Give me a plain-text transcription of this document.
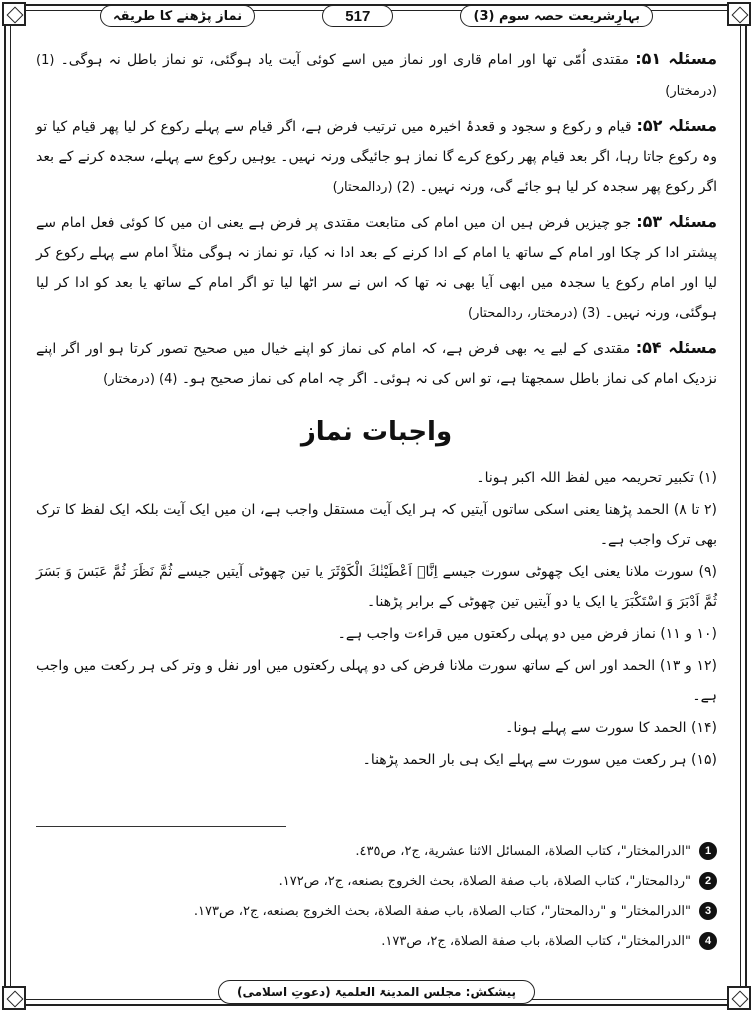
نماز پڑھنے کا طریقہ	517	بہارِشریعت حصہ سوم (3)

مسئلہ ۵۱: مقتدی اُمّی تھا اور امام قاری اور نماز میں اسے کوئی آیت یاد ہوگئی، تو نماز باطل نہ ہوگی۔ (1) (درمختار)

مسئلہ ۵۲: قیام و رکوع و سجود و قعدۂ اخیرہ میں ترتیب فرض ہے، اگر قیام سے پہلے رکوع کر لیا پھر قیام کیا تو وہ رکوع جاتا رہا، اگر بعد قیام پھر رکوع کرے گا نماز ہو جائیگی ورنہ نہیں۔ یوہیں رکوع سے پہلے، سجدہ کرنے کے بعد اگر رکوع پھر سجدہ کر لیا ہو جائے گی، ورنہ نہیں۔ (2) (ردالمحتار)

مسئلہ ۵۳: جو چیزیں فرض ہیں ان میں امام کی متابعت مقتدی پر فرض ہے یعنی ان میں کا کوئی فعل امام سے پیشتر ادا کر چکا اور امام کے ساتھ یا امام کے ادا کرنے کے بعد ادا نہ کیا، تو نماز نہ ہوگی مثلاً امام سے پہلے رکوع کر لیا اور امام رکوع یا سجدہ میں ابھی آیا بھی نہ تھا کہ اس نے سر اٹھا لیا تو اگر امام کے ساتھ یا بعد کو ادا کر لیا ہوگئی، ورنہ نہیں۔ (3) (درمختار، ردالمحتار)

مسئلہ ۵۴: مقتدی کے لیے یہ بھی فرض ہے، کہ امام کی نماز کو اپنے خیال میں صحیح تصور کرتا ہو اور اگر اپنے نزدیک امام کی نماز باطل سمجھتا ہے، تو اس کی نہ ہوئی۔ اگر چہ امام کی نماز صحیح ہو۔ (4) (درمختار)

واجبات نماز

(۱) تکبیر تحریمہ میں لفظ اللہ اکبر ہونا۔

(۲ تا ۸) الحمد پڑھنا یعنی اسکی ساتوں آیتیں کہ ہر ایک آیت مستقل واجب ہے، ان میں ایک آیت بلکہ ایک لفظ کا ترک بھی ترک واجب ہے۔

(۹) سورت ملانا یعنی ایک چھوٹی سورت جیسے اِنَّاۤ اَعْطَیْنٰكَ الْكَوْثَرَ یا تین چھوٹی آیتیں جیسے ثُمَّ نَظَرَ ثُمَّ عَبَسَ وَ بَسَرَ ثُمَّ اَدْبَرَ وَ اسْتَكْبَرَ یا ایک یا دو آیتیں تین چھوٹی کے برابر پڑھنا۔

(۱۰ و ۱۱) نماز فرض میں دو پہلی رکعتوں میں قراءت واجب ہے۔

(۱۲ و ۱۳) الحمد اور اس کے ساتھ سورت ملانا فرض کی دو پہلی رکعتوں میں اور نفل و وتر کی ہر رکعت میں واجب ہے۔

(۱۴) الحمد کا سورت سے پہلے ہونا۔

(۱۵) ہر رکعت میں سورت سے پہلے ایک ہی بار الحمد پڑھنا۔

1
"الدرالمختار"، كتاب الصلاة، المسائل الاثنا عشرية، ج٢، ص٤٣٥.
2
"ردالمحتار"، كتاب الصلاة، باب صفة الصلاة، بحث الخروج بصنعه، ج٢، ص١٧٢.
3
"الدرالمختار" و "ردالمحتار"، كتاب الصلاة، باب صفة الصلاة، بحث الخروج بصنعه، ج٢، ص١٧٣.
4
"الدرالمختار"، كتاب الصلاة، باب صفة الصلاة، ج٢، ص١٧٣.
پیشکش:

مجلس المدینۃ العلمیۃ

(دعوتِ اسلامی)
